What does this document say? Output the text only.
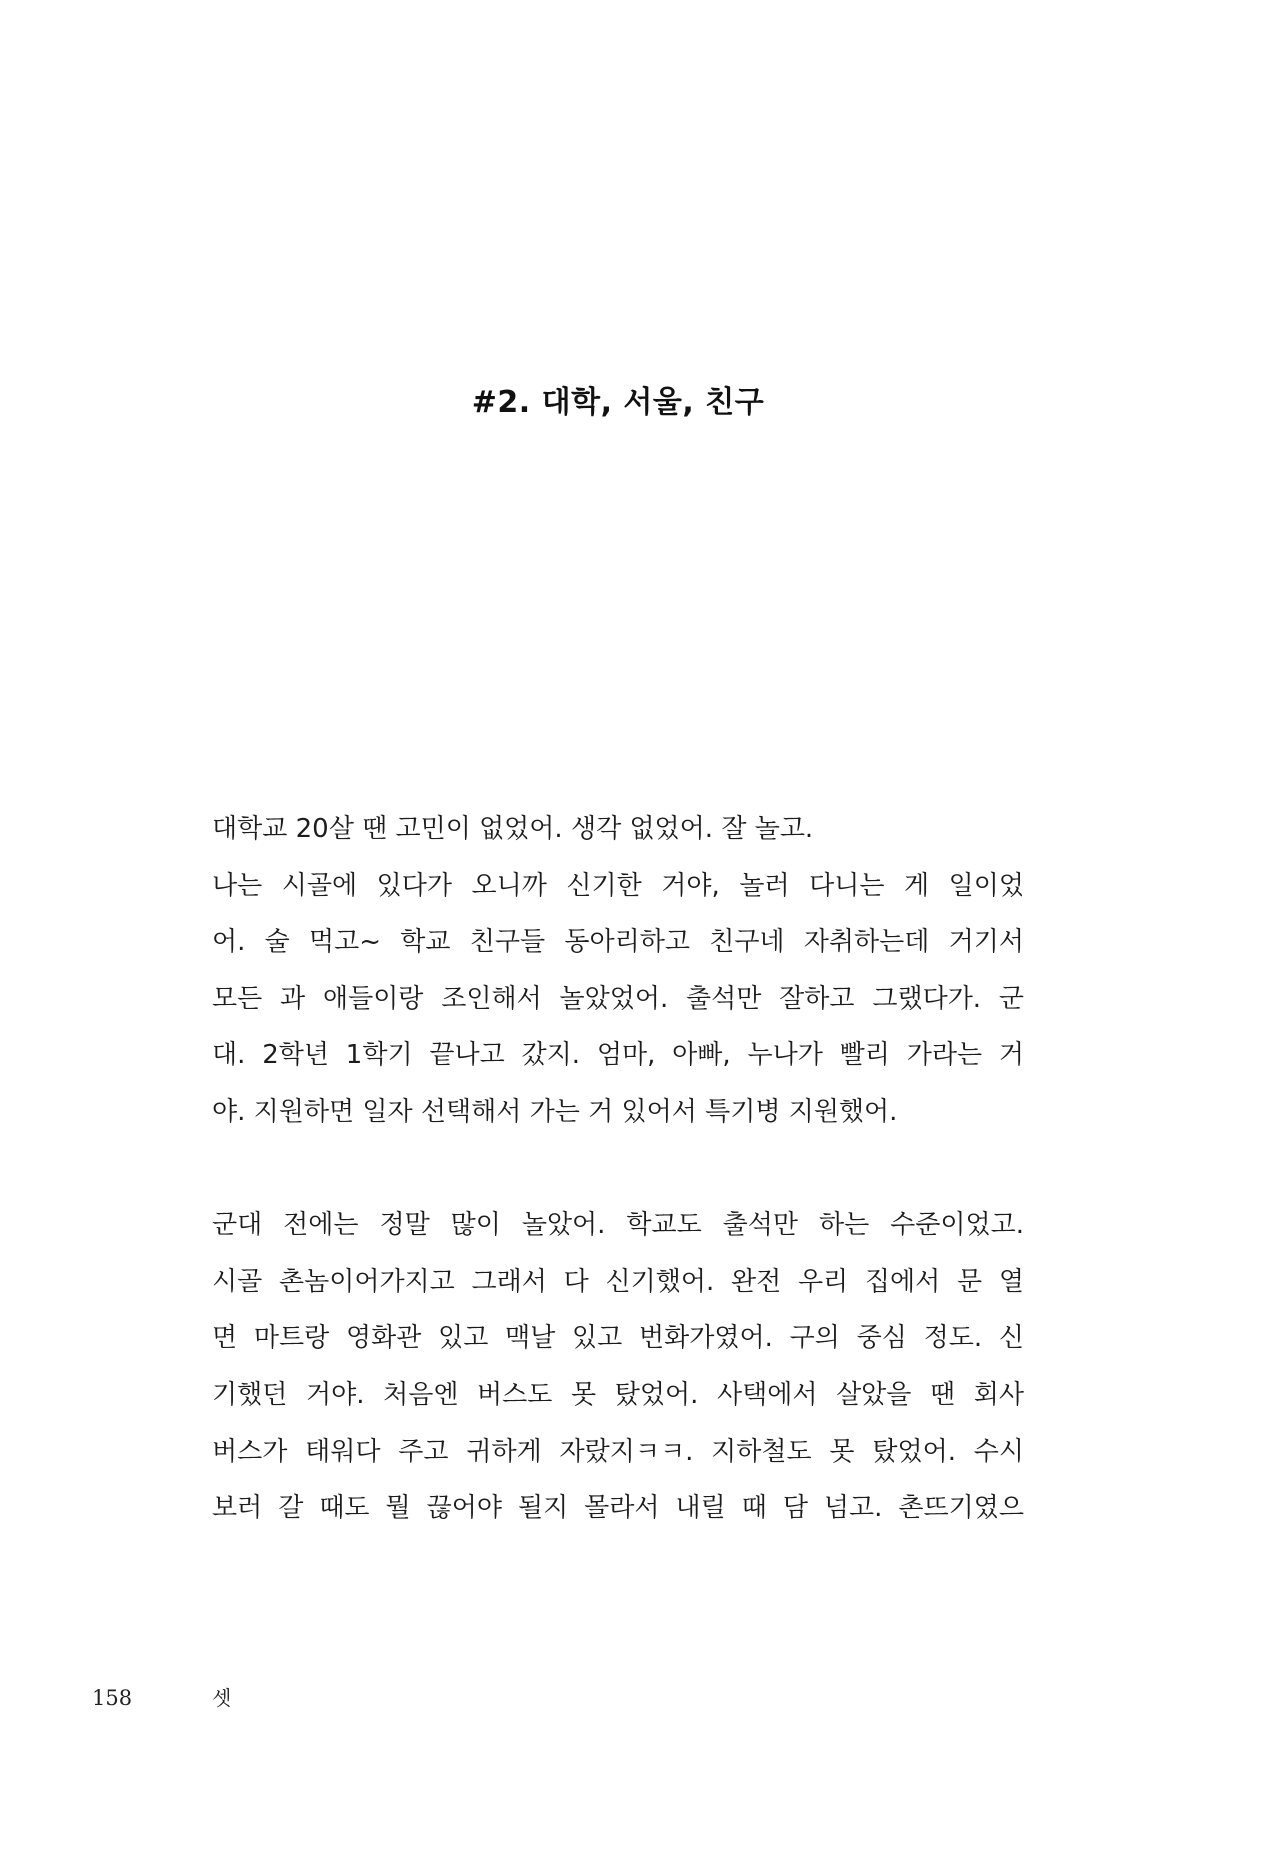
#2. 대학, 서울, 친구
대학교 20살 땐 고민이 없었어. 생각 없었어. 잘 놀고.
나는 시골에 있다가 오니까 신기한 거야, 놀러 다니는 게 일이었
어. 술 먹고~ 학교 친구들 동아리하고 친구네 자취하는데 거기서
모든 과 애들이랑 조인해서 놀았었어. 출석만 잘하고 그랬다가. 군
대. 2학년 1학기 끝나고 갔지. 엄마, 아빠, 누나가 빨리 가라는 거
야. 지원하면 일자 선택해서 가는 거 있어서 특기병 지원했어.
군대 전에는 정말 많이 놀았어. 학교도 출석만 하는 수준이었고.
시골 촌놈이어가지고 그래서 다 신기했어. 완전 우리 집에서 문 열
면 마트랑 영화관 있고 맥날 있고 번화가였어. 구의 중심 정도. 신
기했던 거야. 처음엔 버스도 못 탔었어. 사택에서 살았을 땐 회사
버스가 태워다 주고 귀하게 자랐지ㅋㅋ. 지하철도 못 탔었어. 수시
보러 갈 때도 뭘 끊어야 될지 몰라서 내릴 때 담 넘고. 촌뜨기였으
158	셋
